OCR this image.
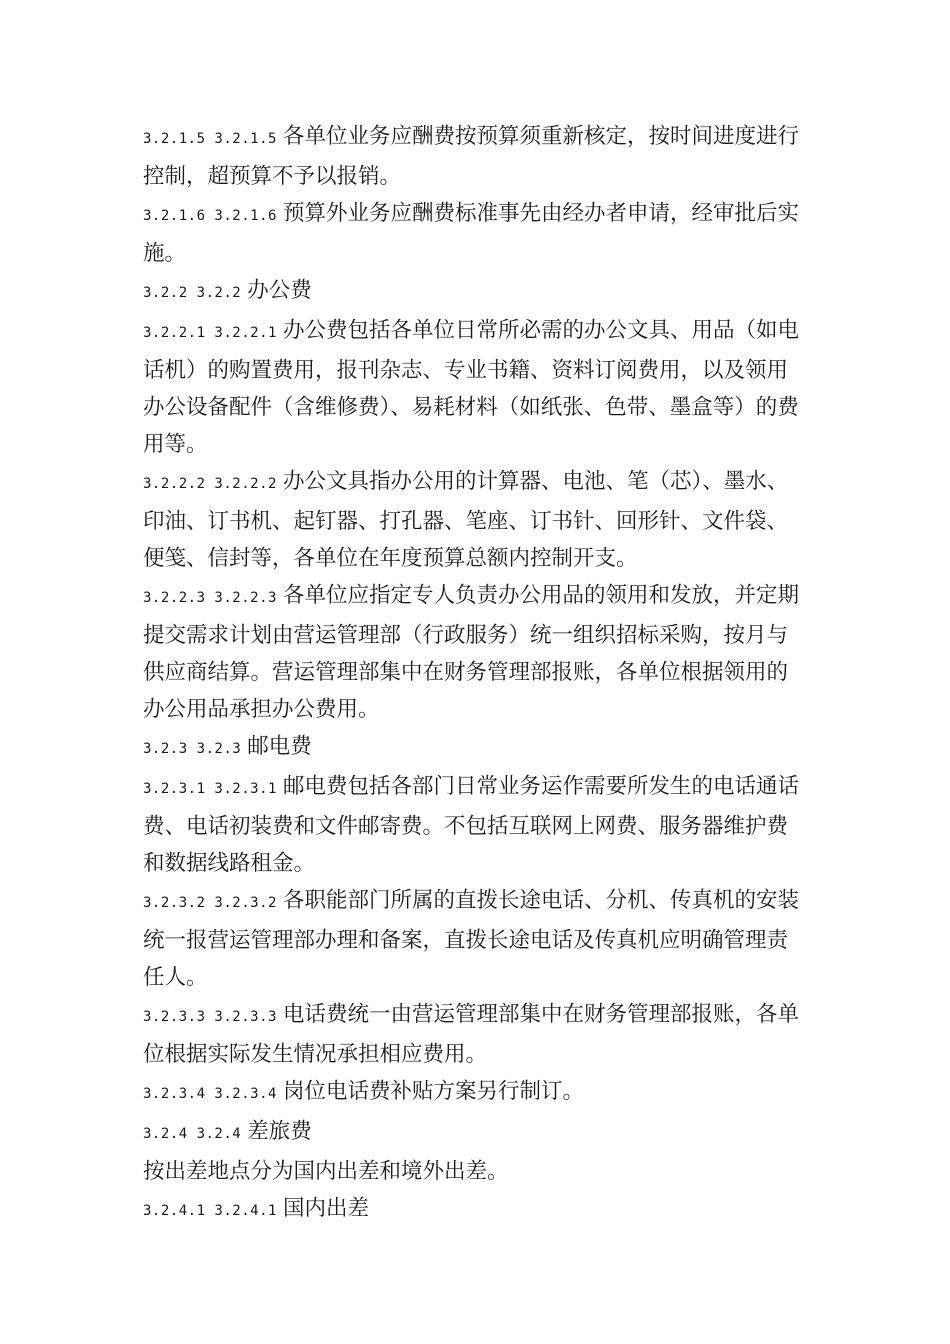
3.2.1.5 3.2.1.5 各单位业务应酬费按预算须重新核定，按时间进度进行控制，超预算不予以报销。

3.2.1.6 3.2.1.6 预算外业务应酬费标准事先由经办者申请，经审批后实施。

3.2.2 3.2.2 办公费

3.2.2.1 3.2.2.1 办公费包括各单位日常所必需的办公文具、用品（如电话机）的购置费用，报刊杂志、专业书籍、资料订阅费用，以及领用办公设备配件（含维修费）、易耗材料（如纸张、色带、墨盒等）的费用等。

3.2.2.2 3.2.2.2 办公文具指办公用的计算器、电池、笔（芯）、墨水、印油、订书机、起钉器、打孔器、笔座、订书针、回形针、文件袋、便笺、信封等，各单位在年度预算总额内控制开支。

3.2.2.3 3.2.2.3 各单位应指定专人负责办公用品的领用和发放，并定期提交需求计划由营运管理部（行政服务）统一组织招标采购，按月与供应商结算。营运管理部集中在财务管理部报账，各单位根据领用的办公用品承担办公费用。

3.2.3 3.2.3 邮电费

3.2.3.1 3.2.3.1 邮电费包括各部门日常业务运作需要所发生的电话通话费、电话初装费和文件邮寄费。不包括互联网上网费、服务器维护费和数据线路租金。

3.2.3.2 3.2.3.2 各职能部门所属的直拨长途电话、分机、传真机的安装统一报营运管理部办理和备案，直拨长途电话及传真机应明确管理责任人。

3.2.3.3 3.2.3.3 电话费统一由营运管理部集中在财务管理部报账，各单位根据实际发生情况承担相应费用。

3.2.3.4 3.2.3.4 岗位电话费补贴方案另行制订。

3.2.4 3.2.4 差旅费

按出差地点分为国内出差和境外出差。

3.2.4.1 3.2.4.1 国内出差
